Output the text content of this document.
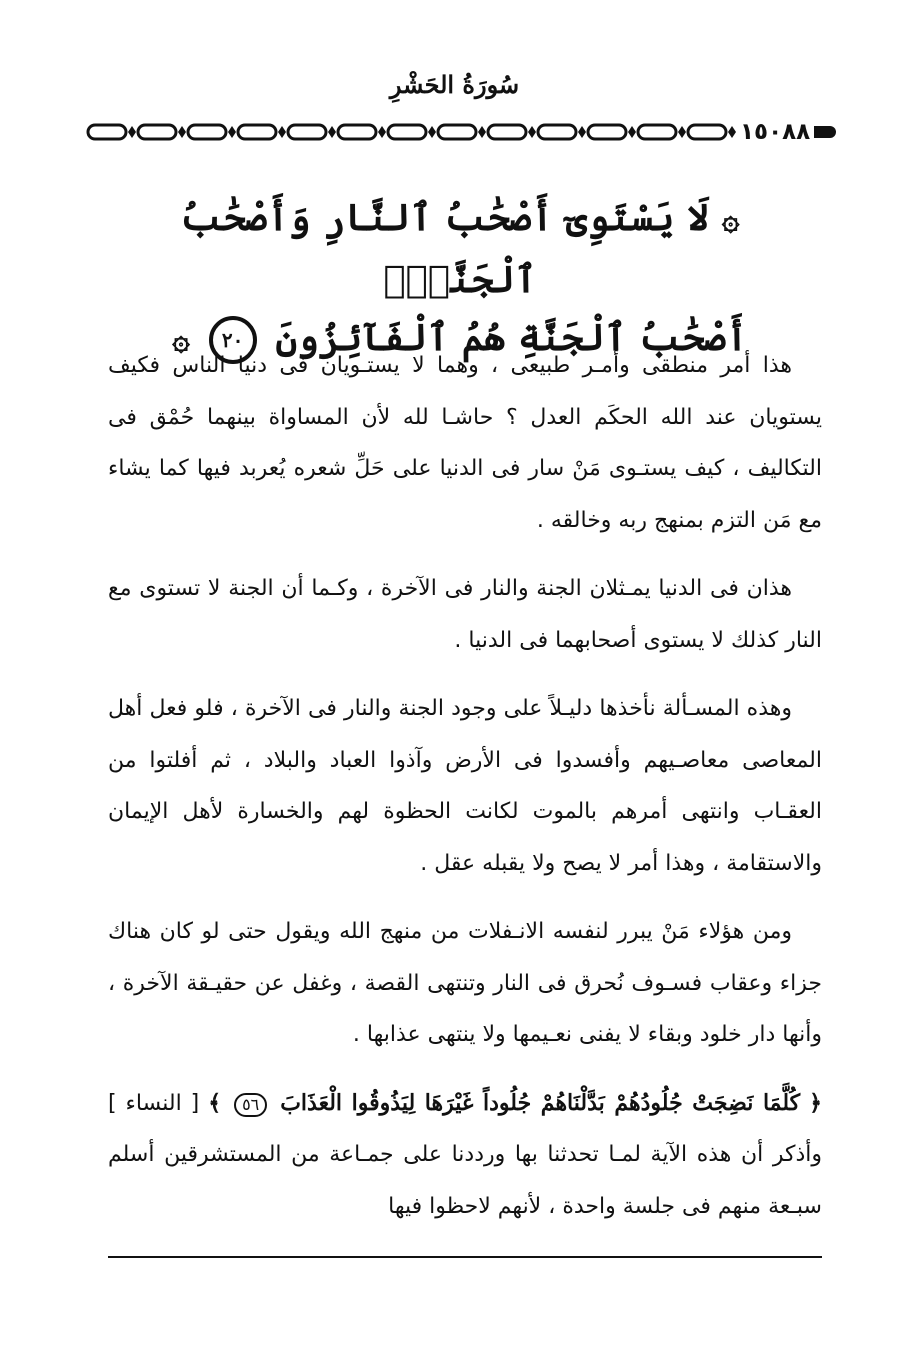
سُورَةُ الحَشْرِ
١٥٠٨٨
۞ لَا يَسْتَوِىٓ أَصْحَٰبُ ٱلنَّارِ وَأَصْحَٰبُ ٱلْجَنَّةِۚ
أَصْحَٰبُ ٱلْجَنَّةِ هُمُ ٱلْفَآئِزُونَ ٢٠ ۞

هذا أمر منطقى وأمـر طبيعى ، وهما لا يستـويان فى دنيا الناس فكيف يستويان عند الله الحكَم العدل ؟ حاشـا لله لأن المساواة بينهما حُمْق فى التكاليف ، كيف يستـوى مَنْ سار فى الدنيا على حَلِّ شعره يُعربد فيها كما يشاء مع مَن التزم بمنهج ربه وخالقه .

هذان فى الدنيا يمـثلان الجنة والنار فى الآخرة ، وكـما أن الجنة لا تستوى مع النار كذلك لا يستوى أصحابهما فى الدنيا .

وهذه المسـألة نأخذها دليـلاً على وجود الجنة والنار فى الآخرة ، فلو فعل أهل المعاصى معاصـيهم وأفسدوا فى الأرض وآذوا العباد والبلاد ، ثم أفلتوا من العقـاب وانتهى أمرهم بالموت لكانت الحظوة لهم والخسارة لأهل الإيمان والاستقامة ، وهذا أمر لا يصح ولا يقبله عقل .

ومن هؤلاء مَنْ يبرر لنفسه الانـفلات من منهج الله ويقول حتى لو كان هناك جزاء وعقاب فسـوف نُحرق فى النار وتنتهى القصة ، وغفل عن حقيـقة الآخرة ، وأنها دار خلود وبقاء لا يفنى نعـيمها ولا ينتهى عذابها .

﴿ كُلَّمَا نَضِجَتْ جُلُودُهُمْ بَدَّلْنَاهُمْ جُلُوداً غَيْرَهَا لِيَذُوقُوا الْعَذَابَ ٥٦ ﴾ [ النساء ] وأذكر أن هذه الآية لمـا تحدثنا بها ورددنا على جمـاعة من المستشرقين أسلم سبـعة منهم فى جلسة واحدة ، لأنهم لاحظوا فيها
